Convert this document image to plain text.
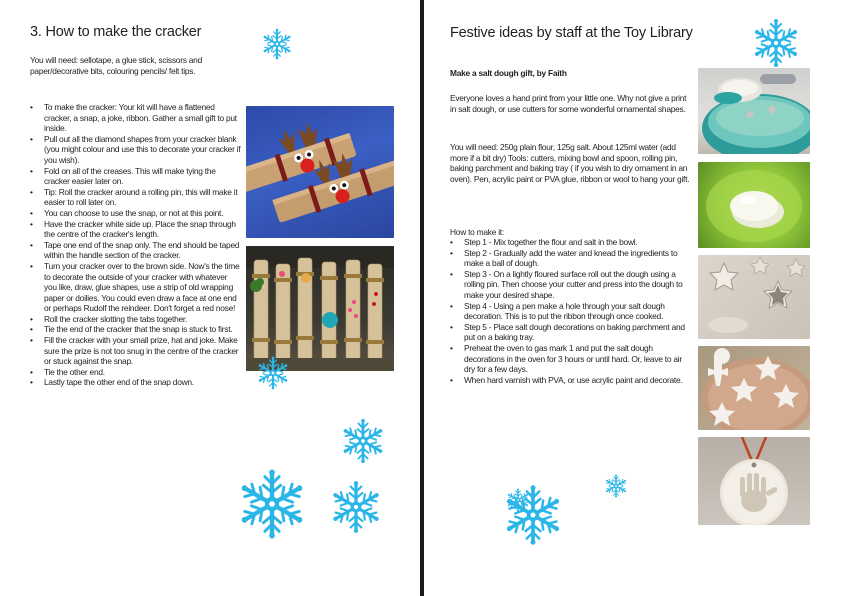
3. How to make the cracker

You will need: sellotape, a glue stick, scissors and paper/decorative bits, colouring pencils/ felt tips.

• To make the cracker: Your kit will have a flattened cracker, a snap, a joke, ribbon. Gather a small gift to put inside.
• Pull out all the diamond shapes from your cracker blank (you might colour and use this to decorate your cracker if you wish).
• Fold on all of the creases. This will make tying the cracker easier later on.
• Tip: Roll the cracker around a rolling pin, this will make it easier to roll later on.
• You can choose to use the snap, or not at this point.
• Have the cracker white side up. Place the snap through the centre of the cracker's length.
• Tape one end of the snap only. The end should be taped within the handle section of the cracker.
• Turn your cracker over to the brown side. Now's the time to decorate the outside of your cracker with whatever you like, draw, glue shapes, use a strip of old wrapping paper or doilies. You could even draw a face at one end or perhaps Rudolf the reindeer. Don't forget a red nose!
• Roll the cracker slotting the tabs together.
• Tie the end of the cracker that the snap is stuck to first.
• Fill the cracker with your small prize, hat and joke. Make sure the prize is not too snug in the centre of the cracker or stuck against the snap.
• Tie the other end.
• Lastly tape the other end of the snap down.
Festive ideas by staff at the Toy Library

Make a salt dough gift, by Faith

Everyone loves a hand print from your little one. Why not give a print in salt dough, or use cutters for some wonderful ornamental shapes.

You will need: 250g plain flour, 125g salt. About 125ml water (add more if a bit dry) Tools: cutters, mixing bowl and spoon, rolling pin, baking parchment and baking tray ( if you wish to dry ornament in an oven). Pen, acrylic paint or PVA glue, ribbon or wool to hang your gift.

How to make it:

• Step 1 - Mix together the flour and salt in the bowl.
• Step 2 - Gradually add the water and knead the ingredients to make a ball of dough.
• Step 3 - On a lightly floured surface roll out the dough using a rolling pin. Then choose your cutter and press into the dough to make your desired shape.
• Step 4 - Using a pen make a hole through your salt dough decoration. This is to put the ribbon through once cooked.
• Step 5 - Place salt dough decorations on baking parchment and put on a baking tray.
• Preheat the oven to gas mark 1 and put the salt dough decorations in the oven for 3 hours or until hard. Or, leave to air dry for a few days.
• When hard varnish with PVA, or use acrylic paint and decorate.
